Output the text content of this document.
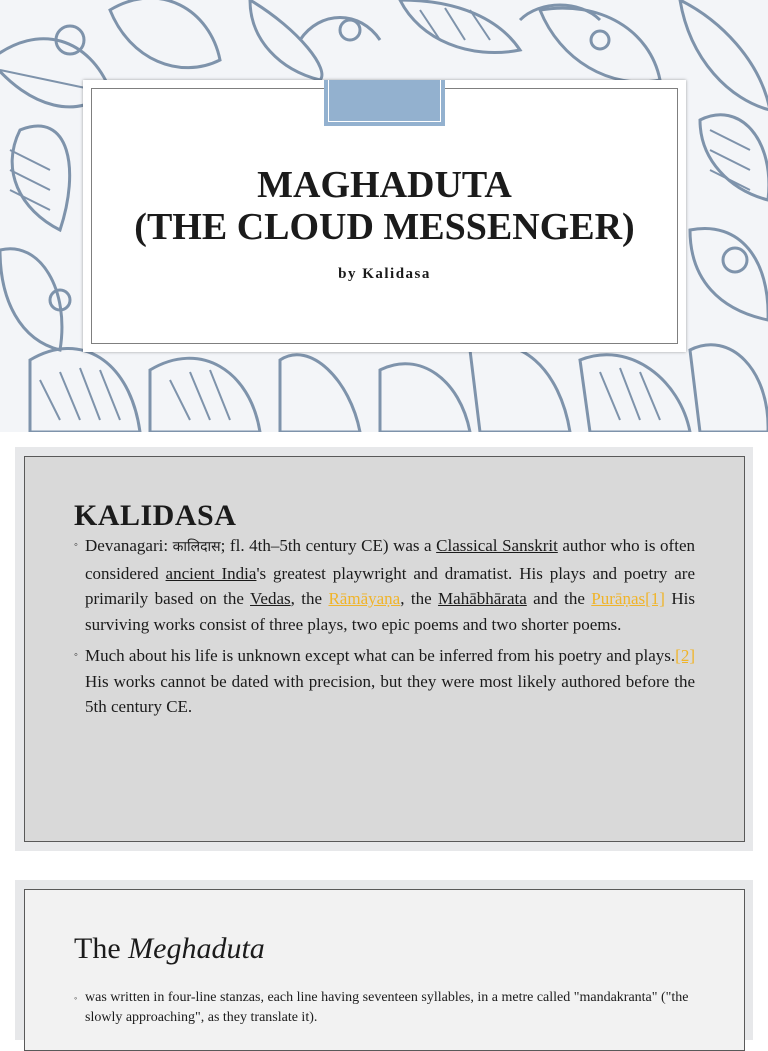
MAGHADUTA
(THE CLOUD MESSENGER)
by Kalidasa
KALIDASA
◦ Devanagari: कालिदास; fl. 4th–5th century CE) was a Classical Sanskrit author who is often considered ancient India's greatest playwright and dramatist. His plays and poetry are primarily based on the Vedas, the Rāmāyaṇa, the Mahābhārata and the Purāṇas[1] His surviving works consist of three plays, two epic poems and two shorter poems.
◦ Much about his life is unknown except what can be inferred from his poetry and plays.[2] His works cannot be dated with precision, but they were most likely authored before the 5th century CE.
The Meghaduta
◦ was written in four-line stanzas, each line having seventeen syllables, in a metre called "mandakranta" ("the slowly approaching", as they translate it).
